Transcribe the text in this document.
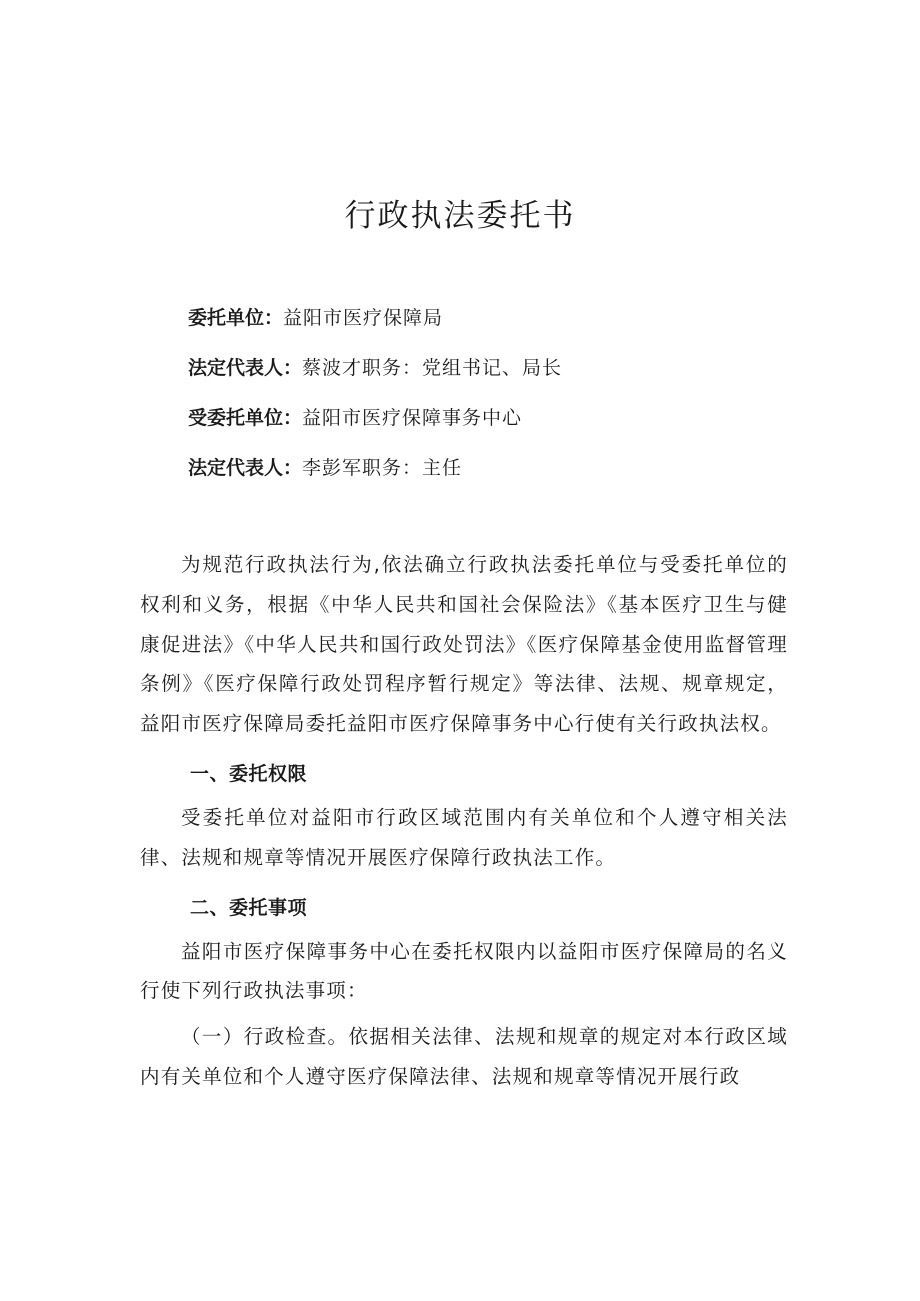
行政执法委托书
委托单位：益阳市医疗保障局
法定代表人：蔡波才职务：党组书记、局长
受委托单位：益阳市医疗保障事务中心
法定代表人：李彭军职务：主任

为规范行政执法行为,依法确立行政执法委托单位与受委托单位的权利和义务，根据《中华人民共和国社会保险法》《基本医疗卫生与健康促进法》《中华人民共和国行政处罚法》《医疗保障基金使用监督管理条例》《医疗保障行政处罚程序暂行规定》等法律、法规、规章规定，益阳市医疗保障局委托益阳市医疗保障事务中心行使有关行政执法权。

一、委托权限

受委托单位对益阳市行政区域范围内有关单位和个人遵守相关法律、法规和规章等情况开展医疗保障行政执法工作。

二、委托事项

益阳市医疗保障事务中心在委托权限内以益阳市医疗保障局的名义行使下列行政执法事项：

（一）行政检查。依据相关法律、法规和规章的规定对本行政区域内有关单位和个人遵守医疗保障法律、法规和规章等情况开展行政
